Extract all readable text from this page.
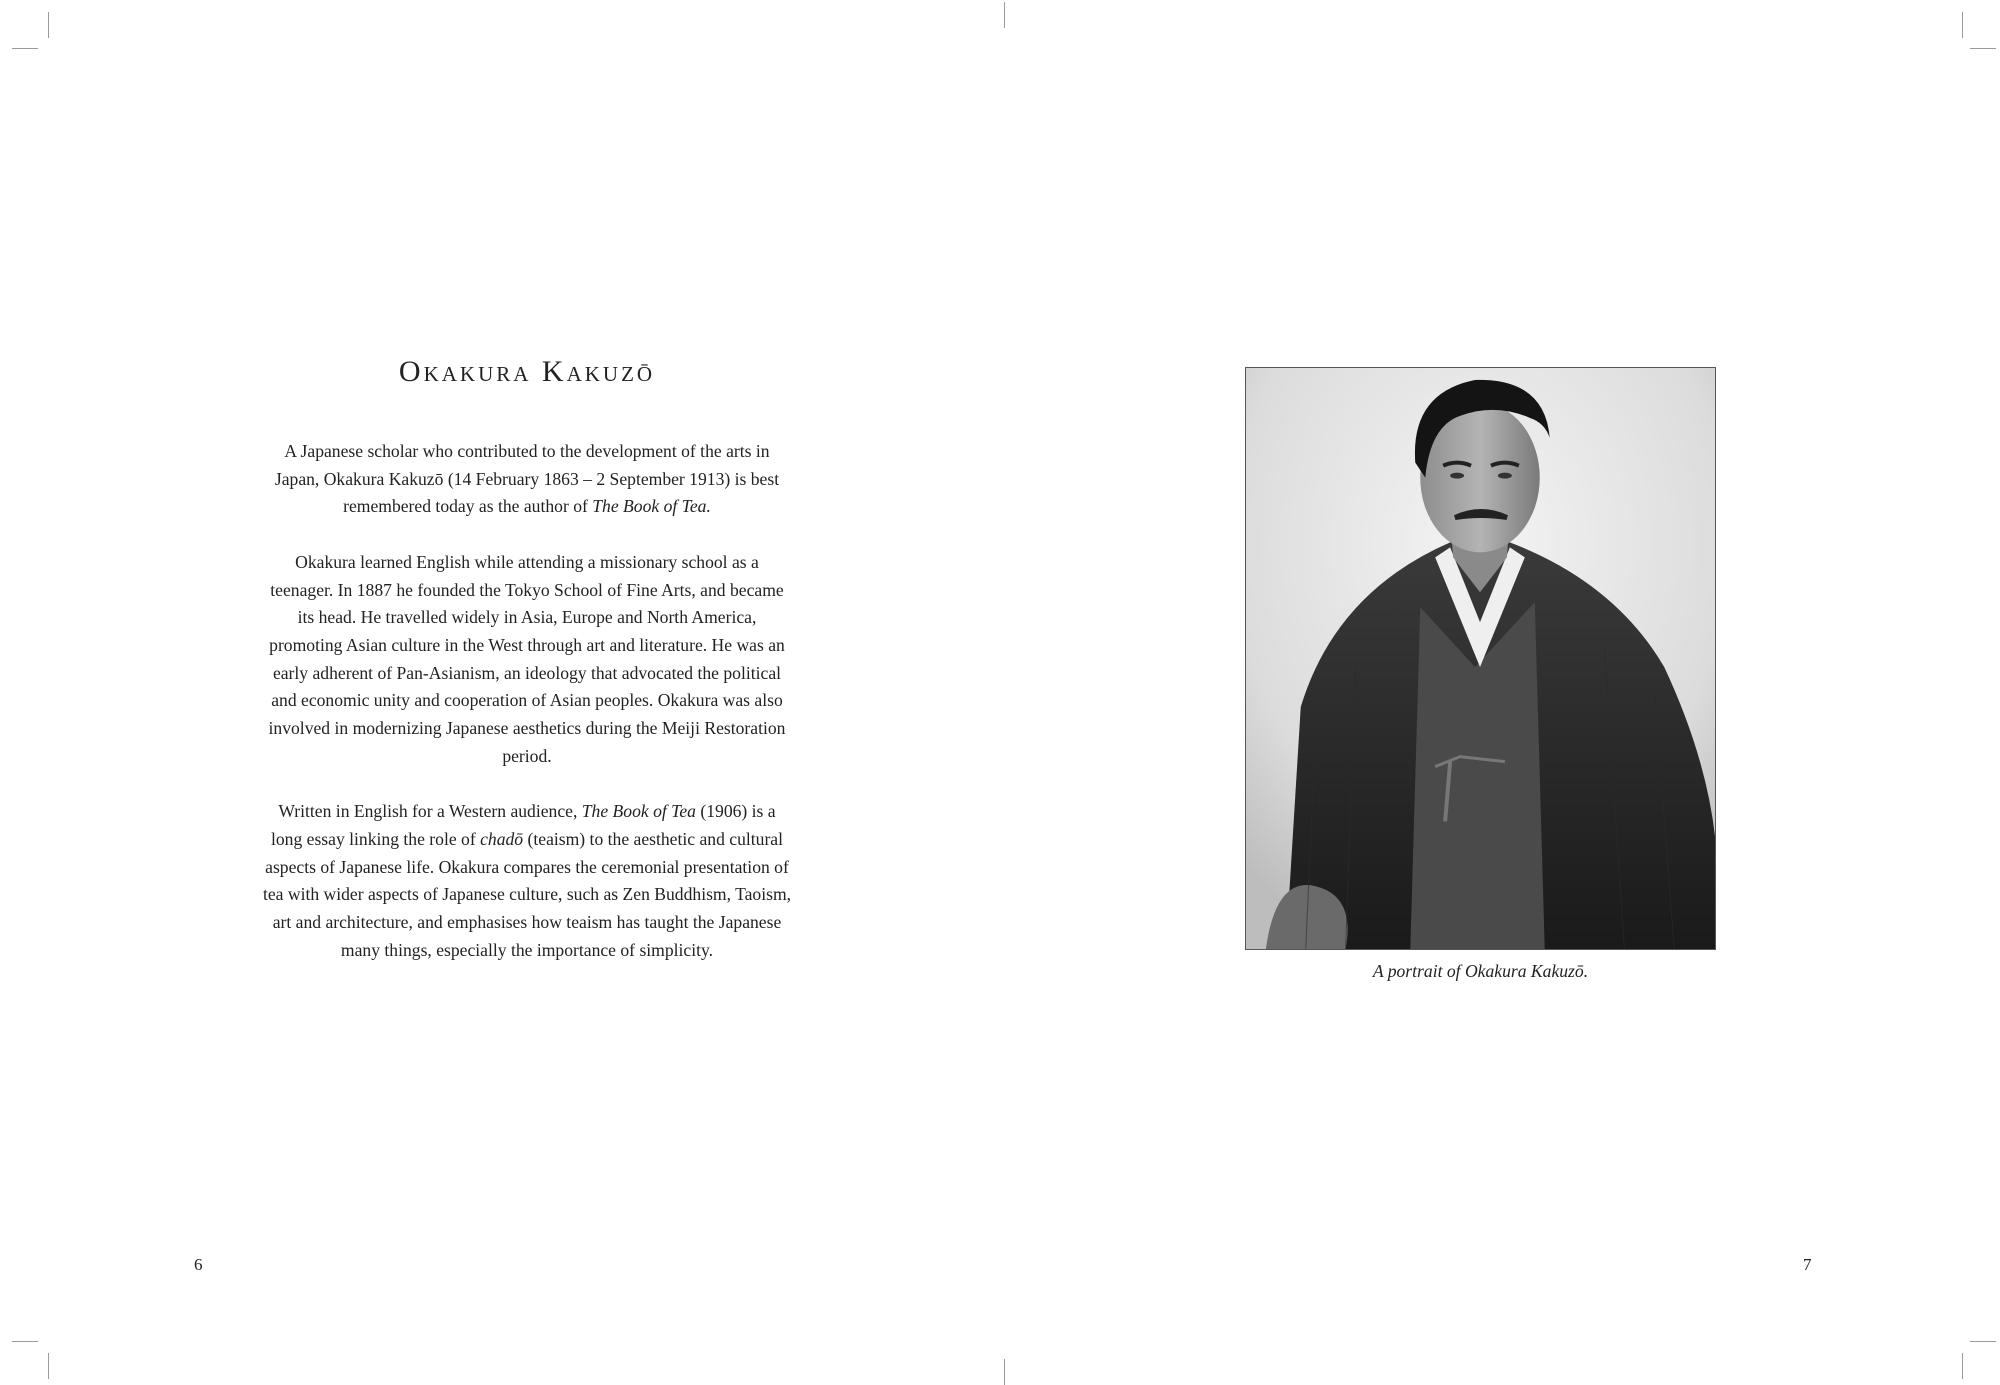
Okakura Kakuzō

A Japanese scholar who contributed to the development of the arts in Japan, Okakura Kakuzō (14 February 1863 – 2 September 1913) is best remembered today as the author of The Book of Tea.

Okakura learned English while attending a missionary school as a teenager. In 1887 he founded the Tokyo School of Fine Arts, and became its head. He travelled widely in Asia, Europe and North America, promoting Asian culture in the West through art and literature. He was an early adherent of Pan-Asianism, an ideology that advocated the political and economic unity and cooperation of Asian peoples. Okakura was also involved in modernizing Japanese aesthetics during the Meiji Restoration period.

Written in English for a Western audience, The Book of Tea (1906) is a long essay linking the role of chadō (teaism) to the aesthetic and cultural aspects of Japanese life. Okakura compares the ceremonial presentation of tea with wider aspects of Japanese culture, such as Zen Buddhism, Taoism, art and architecture, and emphasises how teaism has taught the Japanese many things, especially the importance of simplicity.

6
A portrait of Okakura Kakuzō.
7
